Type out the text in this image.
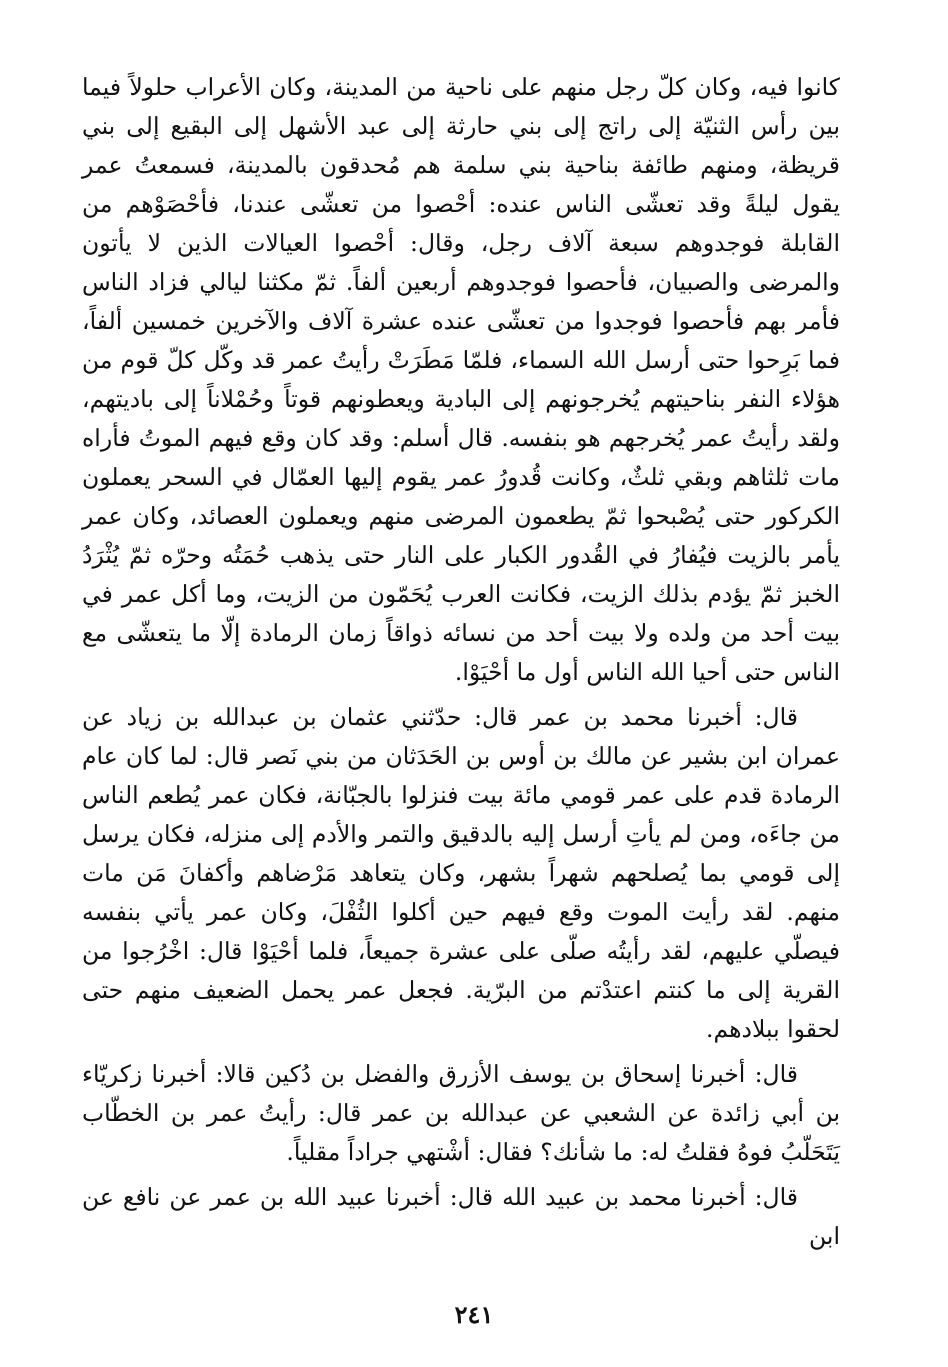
كانوا فيه، وكان كلّ رجل منهم على ناحية من المدينة، وكان الأعراب حلولاً فيما بين رأس الثنيّة إلى راتج إلى بني حارثة إلى عبد الأشهل إلى البقيع إلى بني قريظة، ومنهم طائفة بناحية بني سلمة هم مُحدقون بالمدينة، فسمعتُ عمر يقول ليلةً وقد تعشّى الناس عنده: أحْصوا من تعشّى عندنا، فأحْصَوْهم من القابلة فوجدوهم سبعة آلاف رجل، وقال: أحْصوا العيالات الذين لا يأتون والمرضى والصبيان، فأحصوا فوجدوهم أربعين ألفاً. ثمّ مكثنا ليالي فزاد الناس فأمر بهم فأحصوا فوجدوا من تعشّى عنده عشرة آلاف والآخرين خمسين ألفاً، فما بَرِحوا حتى أرسل الله السماء، فلمّا مَطَرَتْ رأيتُ عمر قد وكّل كلّ قوم من هؤلاء النفر بناحيتهم يُخرجونهم إلى البادية ويعطونهم قوتاً وحُمْلاناً إلى باديتهم، ولقد رأيتُ عمر يُخرجهم هو بنفسه. قال أسلم: وقد كان وقع فيهم الموتُ فأراه مات ثلثاهم وبقي ثلثٌ، وكانت قُدورُ عمر يقوم إليها العمّال في السحر يعملون الكركور حتى يُصْبحوا ثمّ يطعمون المرضى منهم ويعملون العصائد، وكان عمر يأمر بالزيت فيُفارُ في القُدور الكبار على النار حتى يذهب حُمَتُه وحرّه ثمّ يُثْرَدُ الخبز ثمّ يؤدم بذلك الزيت، فكانت العرب يُحَمّون من الزيت، وما أكل عمر في بيت أحد من ولده ولا بيت أحد من نسائه ذواقاً زمان الرمادة إلّا ما يتعشّى مع الناس حتى أحيا الله الناس أول ما أحْيَوْا.

قال: أخبرنا محمد بن عمر قال: حدّثني عثمان بن عبدالله بن زياد عن عمران ابن بشير عن مالك بن أوس بن الحَدَثان من بني نَصر قال: لما كان عام الرمادة قدم على عمر قومي مائة بيت فنزلوا بالجبّانة، فكان عمر يُطعم الناس من جاءَه، ومن لم يأتِ أرسل إليه بالدقيق والتمر والأدم إلى منزله، فكان يرسل إلى قومي بما يُصلحهم شهراً بشهر، وكان يتعاهد مَرْضاهم وأكفانَ مَن مات منهم. لقد رأيت الموت وقع فيهم حين أكلوا الثُفْلَ، وكان عمر يأتي بنفسه فيصلّي عليهم، لقد رأيتُه صلّى على عشرة جميعاً، فلما أحْيَوْا قال: اخْرُجوا من القرية إلى ما كنتم اعتدْتم من البرّية. فجعل عمر يحمل الضعيف منهم حتى لحقوا ببلادهم.

قال: أخبرنا إسحاق بن يوسف الأزرق والفضل بن دُكين قالا: أخبرنا زكريّاء بن أبي زائدة عن الشعبي عن عبدالله بن عمر قال: رأيتُ عمر بن الخطّاب يَتَحَلّبُ فوهُ فقلتُ له: ما شأنك؟ فقال: أشْتهي جراداً مقلياً.

قال: أخبرنا محمد بن عبيد الله قال: أخبرنا عبيد الله بن عمر عن نافع عن ابن

٢٤١
